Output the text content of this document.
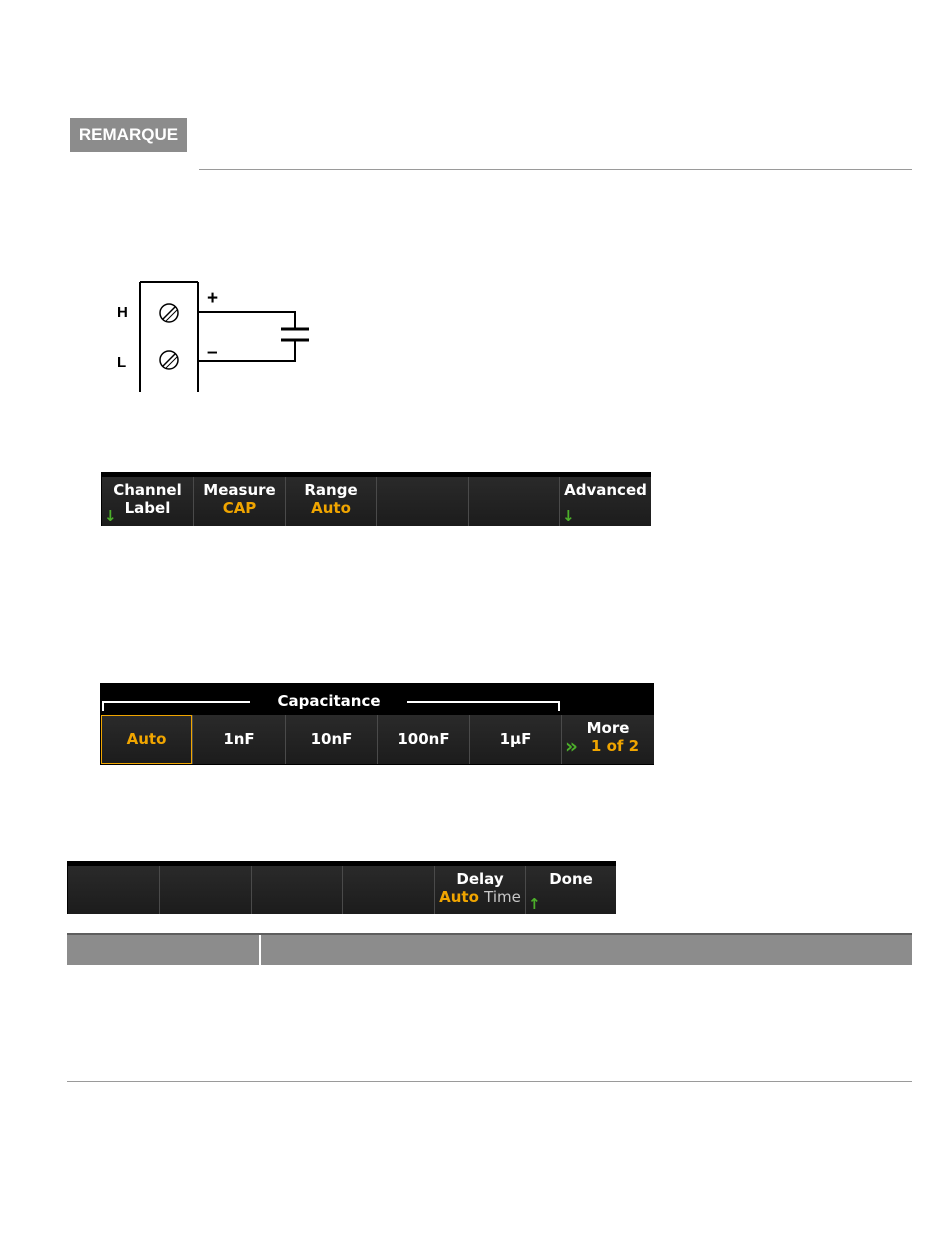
REMARQUE
H
L
+
–
Channel
Label
↓
Measure
CAP
Range
Auto
Advanced
↓
Capacitance
Auto	1nF	10nF	100nF	1µF
More
1 of 2
»
Delay
Auto Time
Done
↑
